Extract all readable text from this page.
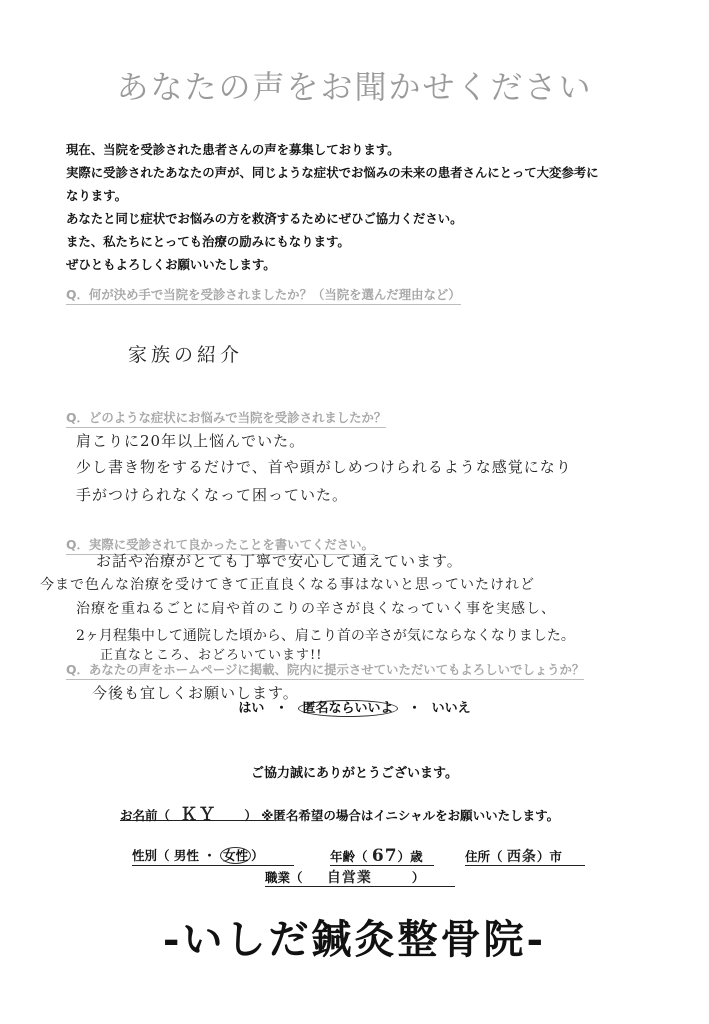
あなたの声をお聞かせください
現在、当院を受診された患者さんの声を募集しております。
実際に受診されたあなたの声が、同じような症状でお悩みの未来の患者さんにとって大変参考に
なります。
あなたと同じ症状でお悩みの方を救済するためにぜひご協力ください。
また、私たちにとっても治療の励みにもなります。
ぜひともよろしくお願いいたします。
Q．何が決め手で当院を受診されましたか？（当院を選んだ理由など）
家族の紹介
Q．どのような症状にお悩みで当院を受診されましたか？
肩こりに20年以上悩んでいた。
少し書き物をするだけで、首や頭がしめつけられるような感覚になり
手がつけられなくなって困っていた。
Q．実際に受診されて良かったことを書いてください。
お話や治療がとても丁寧で安心して通えています。
今まで色んな治療を受けてきて正直良くなる事はないと思っていたけれど
治療を重ねるごとに肩や首のこりの辛さが良くなっていく事を実感し、
2ヶ月程集中して通院した頃から、肩こり首の辛さが気にならなくなりました。
正直なところ、おどろいています!!
Q．あなたの声をホームページに掲載、院内に提示させていただいてもよろしいでしょうか？
今後も宜しくお願いします。
はい ・ 匿名ならいいよ ・ いいえ
ご協力誠にありがとうございます。
お名前（ ＫＹ ） ※匿名希望の場合はイニシャルをお願いいたします。
性別（ 男性 ・ 女性 ）	年齢（ 67）歳	住所（ 西条）市
職業（ 自営業	）
-いしだ鍼灸整骨院-
